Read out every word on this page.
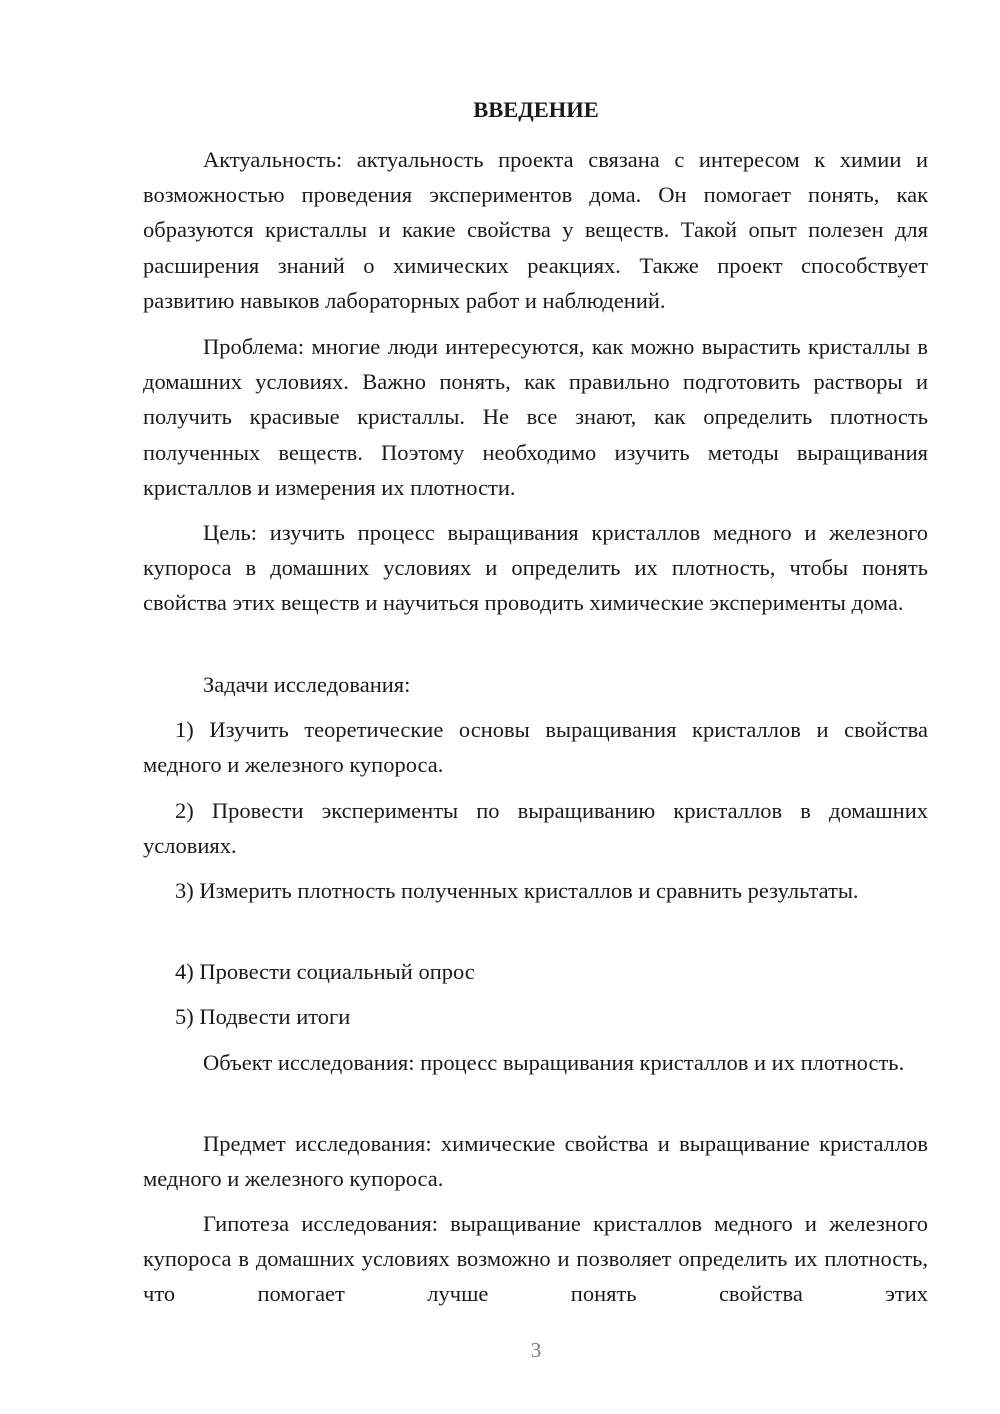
ВВЕДЕНИЕ

Актуальность: актуальность проекта связана с интересом к химии и возможностью проведения экспериментов дома. Он помогает понять, как образуются кристаллы и какие свойства у веществ. Такой опыт полезен для расширения знаний о химических реакциях. Также проект способствует развитию навыков лабораторных работ и наблюдений.

Проблема: многие люди интересуются, как можно вырастить кристаллы в домашних условиях. Важно понять, как правильно подготовить растворы и получить красивые кристаллы. Не все знают, как определить плотность полученных веществ. Поэтому необходимо изучить методы выращивания кристаллов и измерения их плотности.

Цель: изучить процесс выращивания кристаллов медного и железного купороса в домашних условиях и определить их плотность, чтобы понять свойства этих веществ и научиться проводить химические эксперименты дома.

Задачи исследования:

1) Изучить теоретические основы выращивания кристаллов и свойства медного и железного купороса.

2) Провести эксперименты по выращиванию кристаллов в домашних условиях.

3) Измерить плотность полученных кристаллов и сравнить результаты.

4) Провести социальный опрос

5) Подвести итоги

Объект исследования: процесс выращивания кристаллов и их плотность.

Предмет исследования: химические свойства и выращивание кристаллов медного и железного купороса.

Гипотеза исследования: выращивание кристаллов медного и железного купороса в домашних условиях возможно и позволяет определить их плотность, что помогает лучше понять свойства этих

3
